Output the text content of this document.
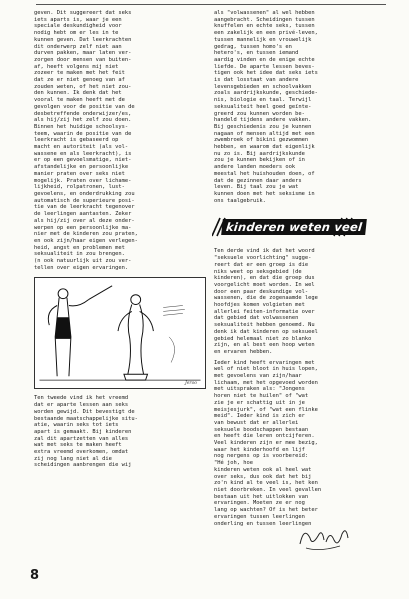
geven. Dit suggereert dat seks
iets aparts is, waar je een
speciale deskundigheid voor
nodig hebt om er les in te
kunnen geven. Dat leerkrachten
dit onderwerp zelf niet aan
durven pakken, maar laten ver-
zorgen door mensen van buiten-
af, heeft volgens mij niet
zozeer te maken met het feit
dat ze er niet genoeg van af
zouden weten, of het niet zou-
den kunnen. Ik denk dat het
vooral te maken heeft met de
gevolgen voor de positie van de
desbetreffende onderwijzer/es,
als hij/zij het zelf zou doen.
Binnen het huidige schoolsys-
teem, waarin de positie van de
leerkracht is gebaseerd op
macht en autoriteit (als vol-
wassene en als leerkracht), is
er op een gevoelsmatige, niet-
afstandelijke en persoonlijke
manier praten over seks niet
mogelijk. Praten over lichame-
lijkheid, rolpatronen, lust-
gevoelens, en onderdrukking zou
automatisch de superieure posi-
tie van de leerkracht tegenover
de leerlingen aantasten. Zeker
als hij/zij over al deze onder-
werpen op een persoonlijke ma-
nier met de kinderen zou praten,
en ook zijn/haar eigen verlegen-
heid, angst en problemen met
seksualiteit in zou brengen.
(n ook natuurlijk uit zou ver-
tellen over eigen ervaringen.

Jeroo

Ten tweede vind ik het vreemd
dat er aparte lessen aan seks
worden gewijd. Dit bevestigt de
bestaande maatschappelijke situ-
atie, waarin seks tot iets
apart is gemaakt. Bij kinderen
zal dit apartzetten van alles
wat met seks te maken heeft
extra vreemd overkomen, omdat
zij nog lang niet al die
scheidingen aanbrengen die wij

als "volwassenen" al wel hebben
aangebracht. Scheidingen tussen
knuffelen en echte seks, tussen
een zakelijk en een privé-leven,
tussen mannelijk en vrouwelijk
gedrag, tussen homo's en
hetero's, en tussen iemand
aardig vinden en de enige echte
liefde. De aparte lessen beves-
tigen ook het idee dat seks iets
is dat losstaat van andere
levensgebieden en schoolvakken
zoals aardrijkskunde, geschiede-
nis, biologie en taal. Terwijl
seksualiteit heel goed geïnte-
greerd zou kunnen worden be-
handeld tijdens andere vakken.
Bij geschiedenis zou je kunnen
nagaan of mensen altijd met een
zwembroek of bikini gezwommen
hebben, en waarom dat eigenlijk
nu zo is. Bij aardrijkskunde
zou je kunnen bekijken of in
andere landen moeders ook
meestal het huishouden doen, of
dat de gezinnen daar anders
leven. Bij taal zou je wat
kunnen doen met het seksisme in
ons taalgebruik.

kinderen weten veel

Ten derde vind ik dat het woord
"seksuele voorlichting" sugge-
reert dat er een groep is die
niks weet op seksgebied (de
kinderen), en dat die groep dus
voorgelicht moet worden. In wel
door een paar deskundige vol-
wassenen, die de zogenaamde lege
hoofdjes komen volgieten met
allerlei feiten-informatie over
dat gebied dat volwassenen
seksualiteit hebben genoemd. Nu
denk ik dat kinderen op seksueel
gebied helemaal niet zo blanko
zijn, en al best een hoop weten
en ervaren hebben.

Ieder kind heeft ervaringen met
wel of niet bloot in huis lopen,
met gevoelens van zijn/haar
lichaam, met het opgevoed worden
met uitspraken als: "Jongens
horen niet te huilen" of "wat
zie je er schattig uit in je
meisjesjurk", of "wat een flinke
meid". Ieder kind is zich er
van bewust dat er allerlei
seksuele boodschappen bestaan
en heeft die leren ontcijferen.
Veel kinderen zijn er mee bezig,
waar het kinderhoofd en lijf
nog nergens op is voorbereid:
"Hé joh, hoe
kinderen weten ook al heel wat
over seks, dus ook dat het bij
zo'n kind al te veel is, het ken
niet doorbreken. In veel gevallen
bestaan uit het uitlokken van
ervaringen. Moeten ze er nog
lang op wachten? Of is het beter
ervaringen tussen leerlingen
onderling en tussen leerlingen

8
